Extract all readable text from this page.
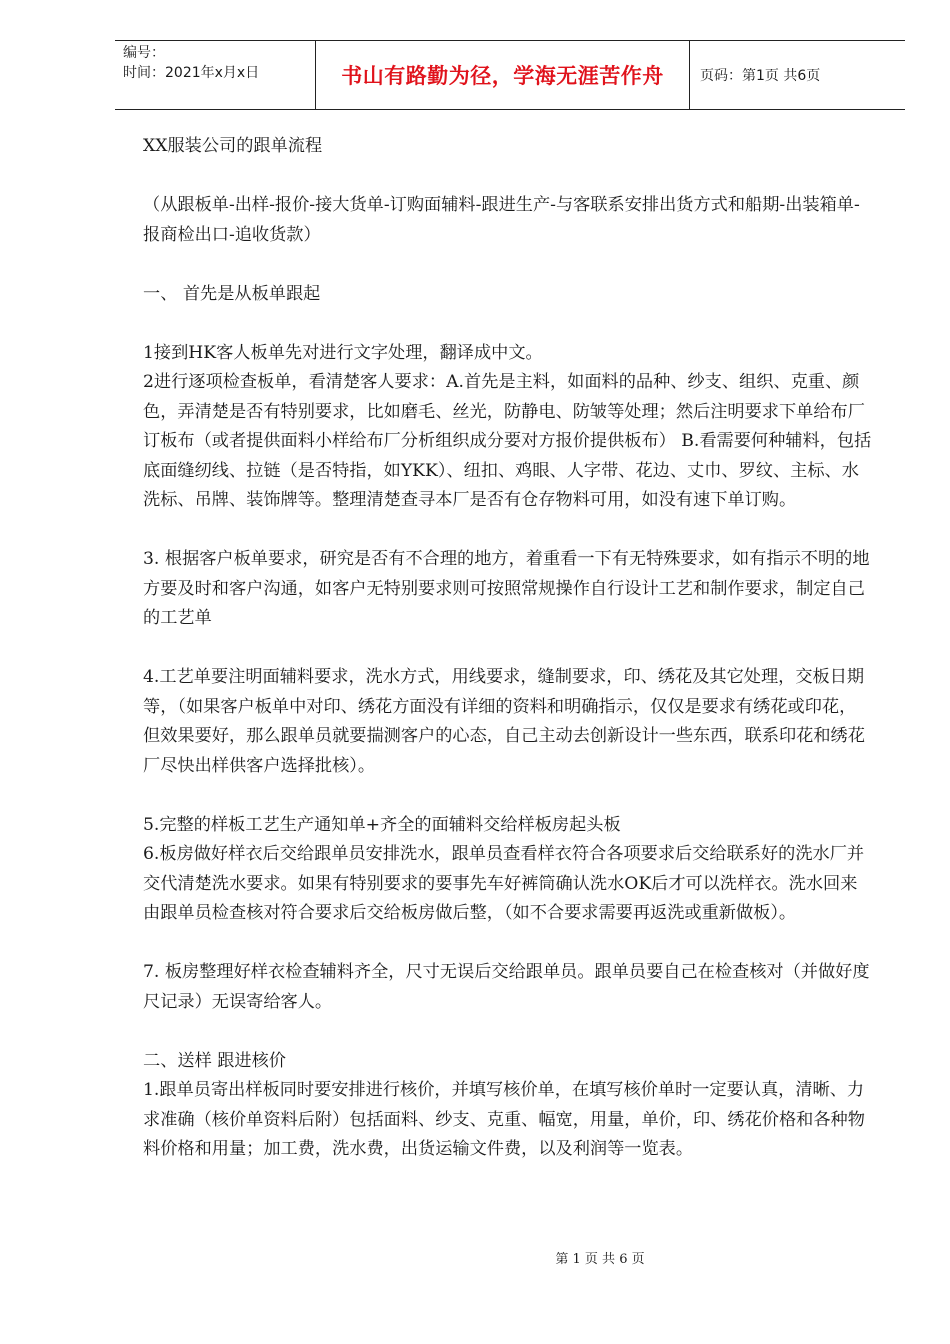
编号：
时间：2021年x月x日	书山有路勤为径，学海无涯苦作舟	页码：第1页 共6页

XX服装公司的跟单流程

（从跟板单-出样-报价-接大货单-订购面辅料-跟进生产-与客联系安排出货方式和船期-出装箱单-报商检出口-追收货款）

一、 首先是从板单跟起

1接到HK客人板单先对进行文字处理，翻译成中文。

2进行逐项检查板单，看清楚客人要求：A.首先是主料，如面料的品种、纱支、组织、克重、颜色，弄清楚是否有特别要求，比如磨毛、丝光，防静电、防皱等处理；然后注明要求下单给布厂订板布（或者提供面料小样给布厂分析组织成分要对方报价提供板布） B.看需要何种辅料，包括底面缝纫线、拉链（是否特指，如YKK）、纽扣、鸡眼、人字带、花边、丈巾、罗纹、主标、水洗标、吊牌、装饰牌等。整理清楚查寻本厂是否有仓存物料可用，如没有速下单订购。

3. 根据客户板单要求，研究是否有不合理的地方，着重看一下有无特殊要求，如有指示不明的地方要及时和客户沟通，如客户无特别要求则可按照常规操作自行设计工艺和制作要求，制定自己的工艺单

4.工艺单要注明面辅料要求，洗水方式，用线要求，缝制要求，印、绣花及其它处理，交板日期等，（如果客户板单中对印、绣花方面没有详细的资料和明确指示，仅仅是要求有绣花或印花，但效果要好，那么跟单员就要揣测客户的心态，自己主动去创新设计一些东西，联系印花和绣花厂尽快出样供客户选择批核）。

5.完整的样板工艺生产通知单+齐全的面辅料交给样板房起头板

6.板房做好样衣后交给跟单员安排洗水，跟单员查看样衣符合各项要求后交给联系好的洗水厂并交代清楚洗水要求。如果有特别要求的要事先车好裤筒确认洗水OK后才可以洗样衣。洗水回来由跟单员检查核对符合要求后交给板房做后整，（如不合要求需要再返洗或重新做板）。

7. 板房整理好样衣检查辅料齐全，尺寸无误后交给跟单员。跟单员要自己在检查核对（并做好度尺记录）无误寄给客人。

二、送样 跟进核价

1.跟单员寄出样板同时要安排进行核价，并填写核价单，在填写核价单时一定要认真，清晰、力求准确（核价单资料后附）包括面料、纱支、克重、幅宽，用量，单价，印、绣花价格和各种物料价格和用量；加工费，洗水费，出货运输文件费，以及利润等一览表。

第 1 页 共 6 页
